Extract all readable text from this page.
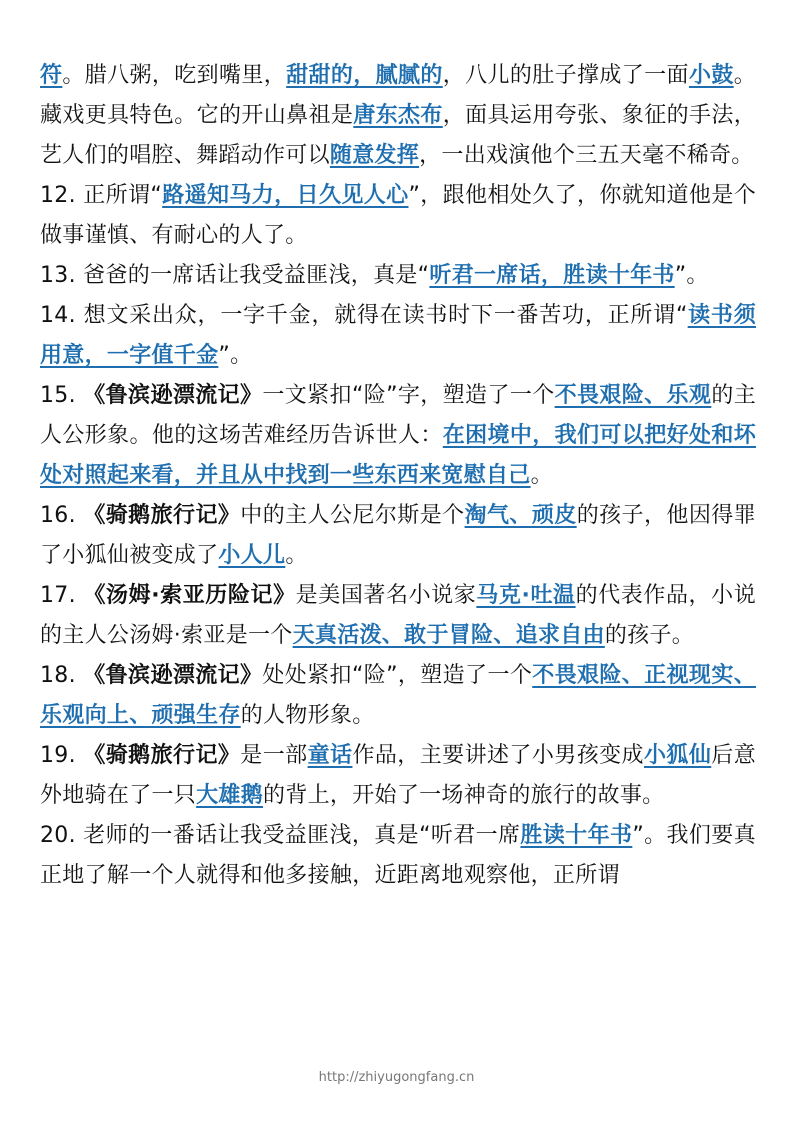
符。腊八粥，吃到嘴里，甜甜的，腻腻的，八儿的肚子撑成了一面小鼓。藏戏更具特色。它的开山鼻祖是唐东杰布，面具运用夸张、象征的手法，艺人们的唱腔、舞蹈动作可以随意发挥，一出戏演他个三五天毫不稀奇。

12. 正所谓“路遥知马力，日久见人心”，跟他相处久了，你就知道他是个做事谨慎、有耐心的人了。

13. 爸爸的一席话让我受益匪浅，真是“听君一席话，胜读十年书”。

14. 想文采出众，一字千金，就得在读书时下一番苦功，正所谓“读书须用意，一字值千金”。

15. 《鲁滨逊漂流记》一文紧扣“险”字，塑造了一个不畏艰险、乐观的主人公形象。他的这场苦难经历告诉世人：在困境中，我们可以把好处和坏处对照起来看，并且从中找到一些东西来宽慰自己。

16. 《骑鹅旅行记》中的主人公尼尔斯是个淘气、顽皮的孩子，他因得罪了小狐仙被变成了小人儿。

17. 《汤姆·索亚历险记》是美国著名小说家马克·吐温的代表作品，小说的主人公汤姆·索亚是一个天真活泼、敢于冒险、追求自由的孩子。

18. 《鲁滨逊漂流记》处处紧扣“险”，塑造了一个不畏艰险、正视现实、乐观向上、顽强生存的人物形象。

19. 《骑鹅旅行记》是一部童话作品，主要讲述了小男孩变成小狐仙后意外地骑在了一只大雄鹅的背上，开始了一场神奇的旅行的故事。

20. 老师的一番话让我受益匪浅，真是“听君一席胜读十年书”。我们要真正地了解一个人就得和他多接触，近距离地观察他，正所谓

http://zhiyugongfang.cn
